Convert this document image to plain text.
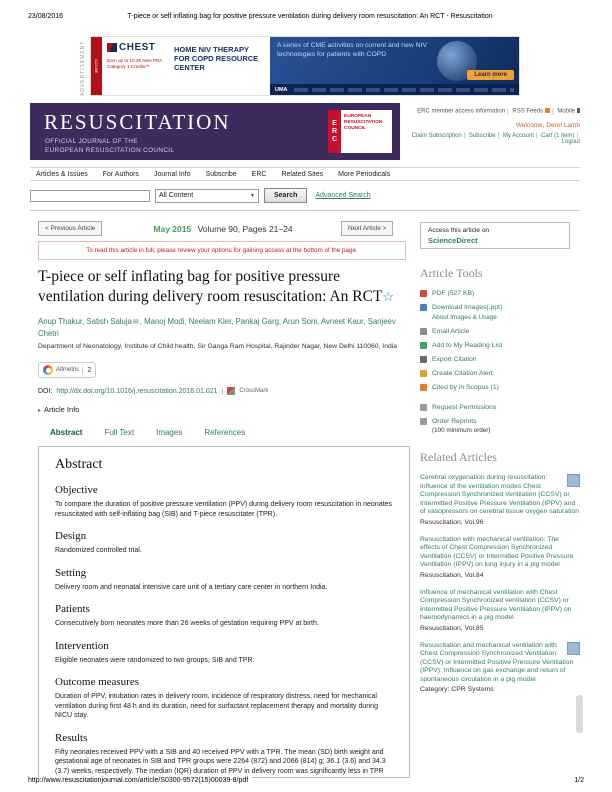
23/08/2016	T-piece or self inflating bag for positive pressure ventilation during delivery room resuscitation: An RCT - Resuscitation
ADVERTISEMENT ACCME
CHEST
Earn up to 10.25 AMA PRA Category 1 Credits™
HOME NIV THERAPY FOR COPD RESOURCE CENTER
A series of CME activities on current and new NIV technologies for patients with COPD
Learn more
UMA
RESUSCITATION
OFFICIAL JOURNAL OF THE
EUROPEAN RESUSCITATION COUNCIL
ERC
EUROPEAN
RESUSCITATION
COUNCIL
ERC member access information | RSS Feeds | Mobile
Welcome, Derel Lamb
Claim Subscription | Subscribe | My Account | Cart (1 item) | Logout
Articles & Issues For Authors Journal Info Subscribe ERC Related Sites More Periodicals
All Content	▼	Search	Advanced Search
< Previous Article	May 2015 Volume 90, Pages 21–24	Next Article >	Access this article on
ScienceDirect
To read this article in full, please review your options for gaining access at the bottom of the page.
T-piece or self inflating bag for positive pressure ventilation during delivery room resuscitation: An RCT☆
Anup Thakur, Satish Saluja✉, Manoj Modi, Neelam Kler, Pankaj Garg, Arun Soni, Avneet Kaur, Sanjeev Chetri
Department of Neonatology, Institute of Child health, Sir Ganga Ram Hospital, Rajinder Nagar, New Delhi 110060, India
Altmetric	2
DOI: http://dx.doi.org/10.1016/j.resuscitation.2016.01.021 |	CrossMark
▸ Article Info
Abstract	Full Text	Images	References
Abstract
Objective

To compare the duration of positive pressure ventilation (PPV) during delivery room resuscitation in neonates resuscitated with self-inflating bag (SIB) and T-piece resuscitater (TPR).

Design

Randomized controlled trial.

Setting

Delivery room and neonatal intensive care unit of a tertiary care center in northern India.

Patients

Consecutively born neonates more than 26 weeks of gestation requiring PPV at birth.

Intervention

Eligible neonates were randomized to two groups, SIB and TPR.

Outcome measures

Duration of PPV, intubation rates in delivery room, incidence of respiratory distress, need for mechanical ventilation during first 48 h and its duration, need for surfactant replacement therapy and mortality during NICU stay.

Results

Fifty neonates received PPV with a SIB and 40 received PPV with a TPR. The mean (SD) birth weight and gestational age of neonates in SIB and TPR groups were 2264 (872) and 2066 (814) g; 36.1 (3.6) and 34.3 (3.7) weeks, respectively. The median (IQR) duration of PPV in delivery room was significantly less in TPR

Article Tools
PDF (527 KB)
Download Images(.ppt)
About Images & Usage
Email Article
Add to My Reading List
Export Citation
Create Citation Alert
Cited by in Scopus (1)
Request Permissions
Order Reprints
(100 minimum order)
Related Articles
Cerebral oxygenation during resuscitation: Influence of the ventilation modes Chest Compression Synchronized Ventilation (CCSV) or Intermitted Positive Pressure Ventilation (IPPV) and of vasopressors on cerebral tissue oxygen saturation
Resuscitation, Vol.96
Resuscitation with mechanical ventilation: The effects of Chest Compression Synchronized Ventilation (CCSV) or Intermitted Positive Pressure Ventilation (IPPV) on lung injury in a pig model
Resuscitation, Vol.84
Influence of mechanical ventilation with Chest Compression Synchronized ventilation (CCSV) or Intermitted Positive Pressure Ventilation (IPPV) on haemodynamics in a pig model
Resuscitation, Vol.85
Resuscitation and mechanical ventilation with Chest Compression Synchronized Ventilation (CCSV) or Intermitted Positive Pressure Ventilation (IPPV): Influence on gas exchange and return of spontaneous circulation in a pig model
Category: CPR Systems
http://www.resuscitationjournal.com/article/S0300-9572(15)00039-8/pdf	1/2
